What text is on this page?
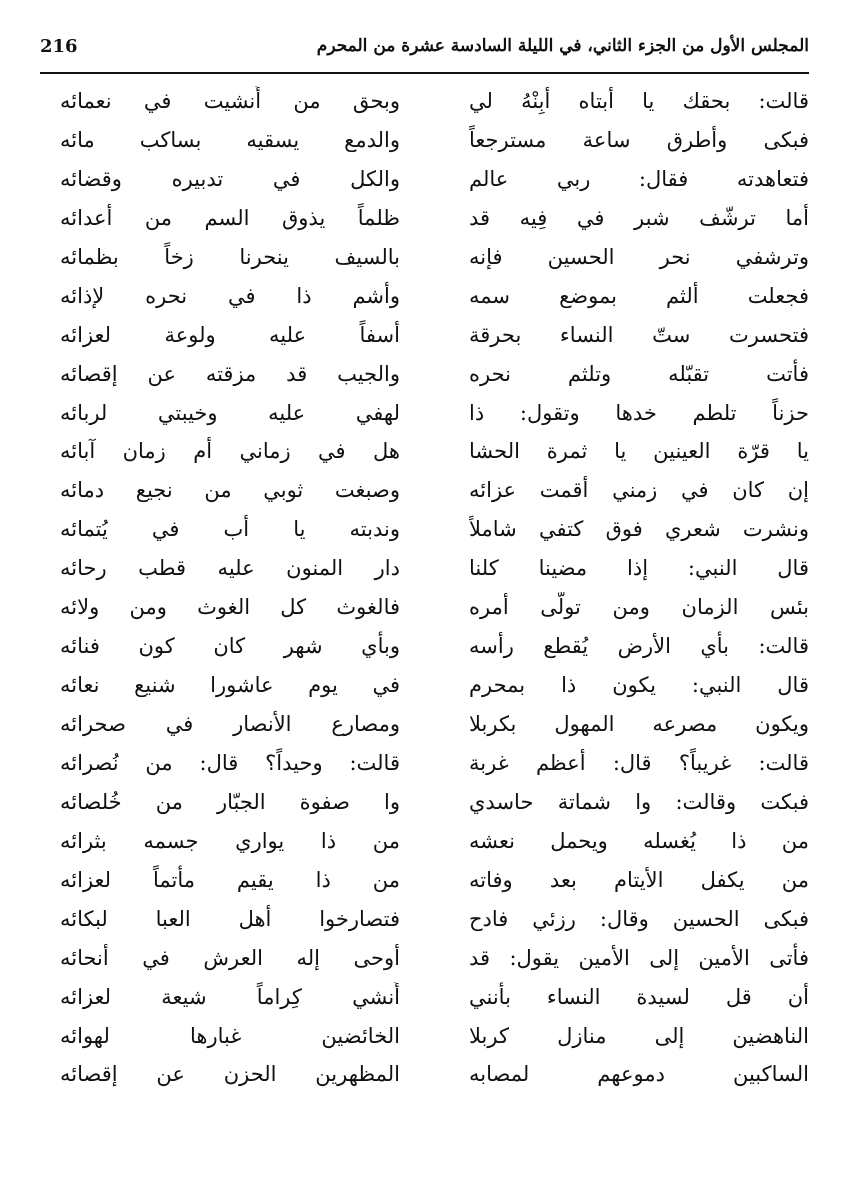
المجلس الأول من الجزء الثاني، في الليلة السادسة عشرة من المحرم
216
قالت: بحقك يا أبتاه أبِنْهُ لي
وبحق من أُنشيت في نعمائه
فبكى وأطرق ساعة مسترجعاً
والدمع يسقيه بساكب مائه
فتعاهدته فقال: ربي عالم
والكل في تدبيره وقضائه
أما ترشّف شبر في فِيه قد
ظلماً يذوق السم من أعدائه
وترشفي نحر الحسين فإنه
بالسيف ينحرنا زخاً بظمائه
فجعلت ألثم بموضع سمه
وأشم ذا في نحره لإذائه
فتحسرت ستّ النساء بحرقة
أسفاً عليه ولوعة لعزائه
فأتت تقبّله وتلثم نحره
والجيب قد مزقته عن إقصائه
حزناً تلطم خدها وتقول: ذا
لهفي عليه وخيبتي لربائه
يا قرّة العينين يا ثمرة الحشا
هل في زماني أم زمان آبائه
إن كان في زمني أقمت عزائه
وصبغت ثوبي من نجيع دمائه
ونشرت شعري فوق كتفي شاملاً
وندبته يا أب في يُتمائه
قال النبي: إذا مضينا كلنا
دار المنون عليه قطب رحائه
بئس الزمان ومن تولّى أمره
فالغوث كل الغوث ومن ولائه
قالت: بأي الأرض يُقطع رأسه
وبأي شهر كان كون فنائه
قال النبي: يكون ذا بمحرم
في يوم عاشورا شنيع نعائه
ويكون مصرعه المهول بكربلا
ومصارع الأنصار في صحرائه
قالت: غريباً؟ قال: أعظم غربة
قالت: وحيداً؟ قال: من نُصرائه
فبكت وقالت: وا شماتة حاسدي
وا صفوة الجبّار من خُلصائه
من ذا يُغسله ويحمل نعشه
من ذا يواري جسمه بثرائه
من يكفل الأيتام بعد وفاته
من ذا يقيم مأتماً لعزائه
فبكى الحسين وقال: رزئي فادح
فتصارخوا أهل العبا لبكائه
فأتى الأمين إلى الأمين يقول: قد
أوحى إله العرش في أنحائه
أن قل لسيدة النساء بأنني
أُنشي كِراماً شيعة لعزائه
الناهضين إلى منازل كربلا
الخائضين غبارها لهوائه
الساكبين دموعهم لمصابه
المظهرين الحزن عن إقصائه
